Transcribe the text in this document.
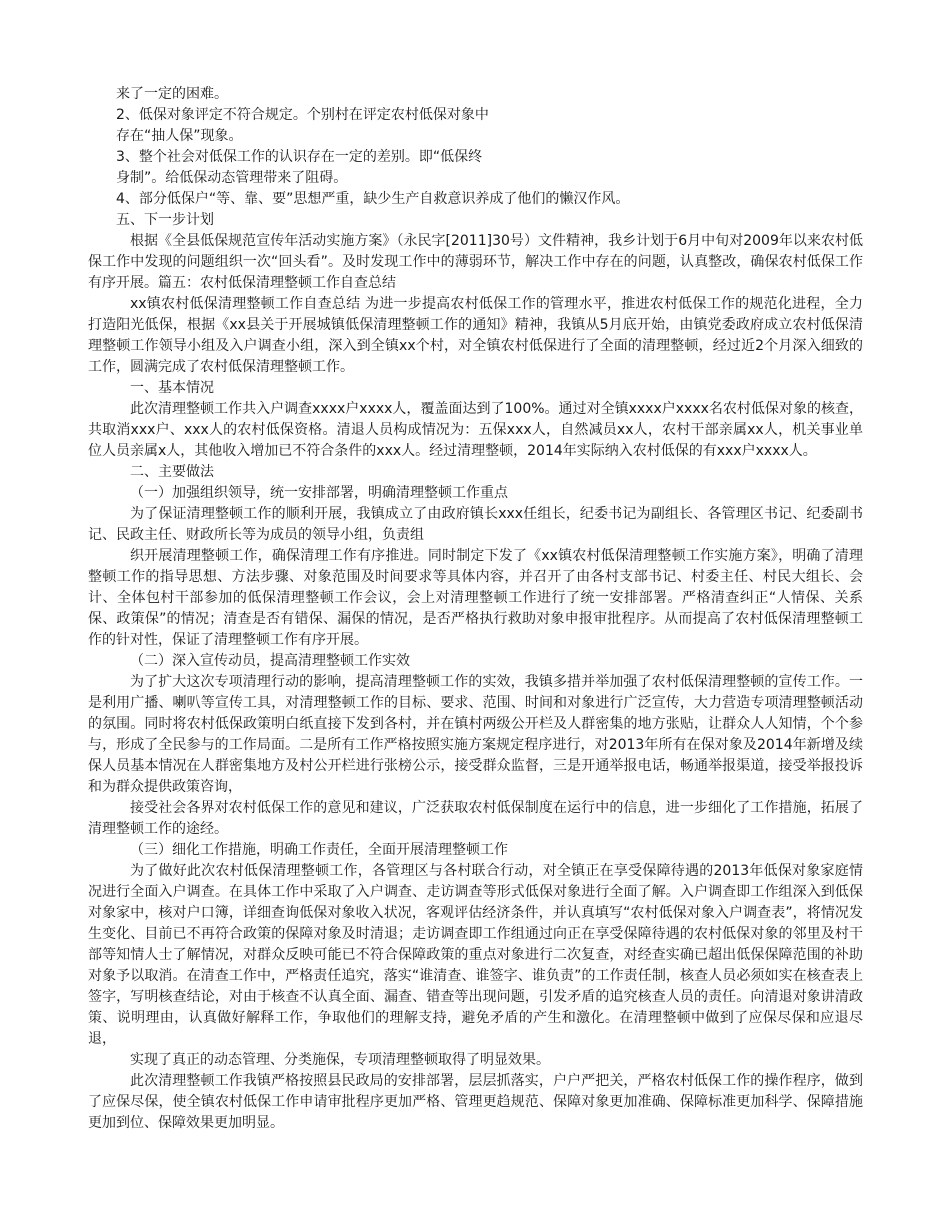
来了一定的困难。

2、低保对象评定不符合规定。个别村在评定农村低保对象中

存在“抽人保”现象。

3、整个社会对低保工作的认识存在一定的差别。即“低保终

身制”。给低保动态管理带来了阻碍。

4、部分低保户“等、靠、要”思想严重，缺少生产自救意识养成了他们的懒汉作风。

五、下一步计划

根据《全县低保规范宣传年活动实施方案》（永民字[2011]30号）文件精神，我乡计划于6月中旬对2009年以来农村低保工作中发现的问题组织一次“回头看”。及时发现工作中的薄弱环节，解决工作中存在的问题，认真整改，确保农村低保工作有序开展。篇五：农村低保清理整顿工作自查总结

xx镇农村低保清理整顿工作自查总结 为进一步提高农村低保工作的管理水平，推进农村低保工作的规范化进程，全力打造阳光低保，根据《xx县关于开展城镇低保清理整顿工作的通知》精神，我镇从5月底开始，由镇党委政府成立农村低保清理整顿工作领导小组及入户调查小组，深入到全镇xx个村，对全镇农村低保进行了全面的清理整顿，经过近2个月深入细致的工作，圆满完成了农村低保清理整顿工作。

一、基本情况

此次清理整顿工作共入户调查xxxx户xxxx人，覆盖面达到了100%。通过对全镇xxxx户xxxx名农村低保对象的核查，共取消xxx户、xxx人的农村低保资格。清退人员构成情况为：五保xxx人，自然减员xx人，农村干部亲属xx人，机关事业单位人员亲属x人，其他收入增加已不符合条件的xxx人。经过清理整顿，2014年实际纳入农村低保的有xxx户xxxx人。

二、主要做法

（一）加强组织领导，统一安排部署，明确清理整顿工作重点

为了保证清理整顿工作的顺利开展，我镇成立了由政府镇长xxx任组长，纪委书记为副组长、各管理区书记、纪委副书记、民政主任、财政所长等为成员的领导小组，负责组

织开展清理整顿工作，确保清理工作有序推进。同时制定下发了《xx镇农村低保清理整顿工作实施方案》，明确了清理整顿工作的指导思想、方法步骤、对象范围及时间要求等具体内容，并召开了由各村支部书记、村委主任、村民大组长、会计、全体包村干部参加的低保清理整顿工作会议，会上对清理整顿工作进行了统一安排部署。严格清查纠正“人情保、关系保、政策保”的情况；清查是否有错保、漏保的情况，是否严格执行救助对象申报审批程序。从而提高了农村低保清理整顿工作的针对性，保证了清理整顿工作有序开展。

（二）深入宣传动员，提高清理整顿工作实效

为了扩大这次专项清理行动的影响，提高清理整顿工作的实效，我镇多措并举加强了农村低保清理整顿的宣传工作。一是利用广播、喇叭等宣传工具，对清理整顿工作的目标、要求、范围、时间和对象进行广泛宣传，大力营造专项清理整顿活动的氛围。同时将农村低保政策明白纸直接下发到各村，并在镇村两级公开栏及人群密集的地方张贴，让群众人人知情，个个参与，形成了全民参与的工作局面。二是所有工作严格按照实施方案规定程序进行，对2013年所有在保对象及2014年新增及续保人员基本情况在人群密集地方及村公开栏进行张榜公示，接受群众监督，三是开通举报电话，畅通举报渠道，接受举报投诉和为群众提供政策咨询，

接受社会各界对农村低保工作的意见和建议，广泛获取农村低保制度在运行中的信息，进一步细化了工作措施，拓展了清理整顿工作的途经。

（三）细化工作措施，明确工作责任，全面开展清理整顿工作

为了做好此次农村低保清理整顿工作，各管理区与各村联合行动，对全镇正在享受保障待遇的2013年低保对象家庭情况进行全面入户调查。在具体工作中采取了入户调查、走访调查等形式低保对象进行全面了解。入户调查即工作组深入到低保对象家中，核对户口簿，详细查询低保对象收入状况，客观评估经济条件，并认真填写“农村低保对象入户调查表”，将情况发生变化、目前已不再符合政策的保障对象及时清退；走访调查即工作组通过向正在享受保障待遇的农村低保对象的邻里及村干部等知情人士了解情况，对群众反映可能已不符合保障政策的重点对象进行二次复查，对经查实确已超出低保保障范围的补助对象予以取消。在清查工作中，严格责任追究，落实“谁清查、谁签字、谁负责”的工作责任制，核查人员必须如实在核查表上签字，写明核查结论，对由于核查不认真全面、漏查、错查等出现问题，引发矛盾的追究核查人员的责任。向清退对象讲清政策、说明理由，认真做好解释工作，争取他们的理解支持，避免矛盾的产生和激化。在清理整顿中做到了应保尽保和应退尽退，

实现了真正的动态管理、分类施保，专项清理整顿取得了明显效果。

此次清理整顿工作我镇严格按照县民政局的安排部署，层层抓落实，户户严把关，严格农村低保工作的操作程序，做到了应保尽保，使全镇农村低保工作申请审批程序更加严格、管理更趋规范、保障对象更加准确、保障标准更加科学、保障措施更加到位、保障效果更加明显。
